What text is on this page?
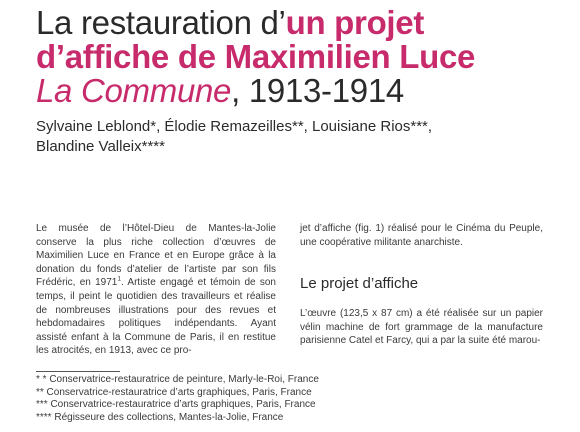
La restauration d’un projet
d’affiche de Maximilien Luce
La Commune, 1913-1914
Sylvaine Leblond*, Élodie Remazeilles**, Louisiane Rios***, Blandine Valleix****

Le musée de l’Hôtel-Dieu de Mantes-la-Jolie conserve la plus riche collection d’œuvres de Maximilien Luce en France et en Europe grâce à la donation du fonds d’atelier de l’artiste par son fils Frédéric, en 1971$^1$. Artiste engagé et témoin de son temps, il peint le quotidien des travailleurs et réalise de nombreuses illustrations pour des revues et hebdomadaires politiques indépendants. Ayant assisté enfant à la Commune de Paris, il en restitue les atrocités, en 1913, avec ce pro-

jet d’affiche (fig. 1) réalisé pour le Cinéma du Peuple, une coopérative militante anarchiste.

Le projet d’affiche

L’œuvre (123,5 x 87 cm) a été réalisée sur un papier vélin machine de fort grammage de la manufacture parisienne Catel et Farcy, qui a par la suite été marou-

* * Conservatrice-restauratrice de peinture, Marly-le-Roi, France
** Conservatrice-restauratrice d’arts graphiques, Paris, France
*** Conservatrice-restauratrice d’arts graphiques, Paris, France
**** Régisseure des collections, Mantes-la-Jolie, France
